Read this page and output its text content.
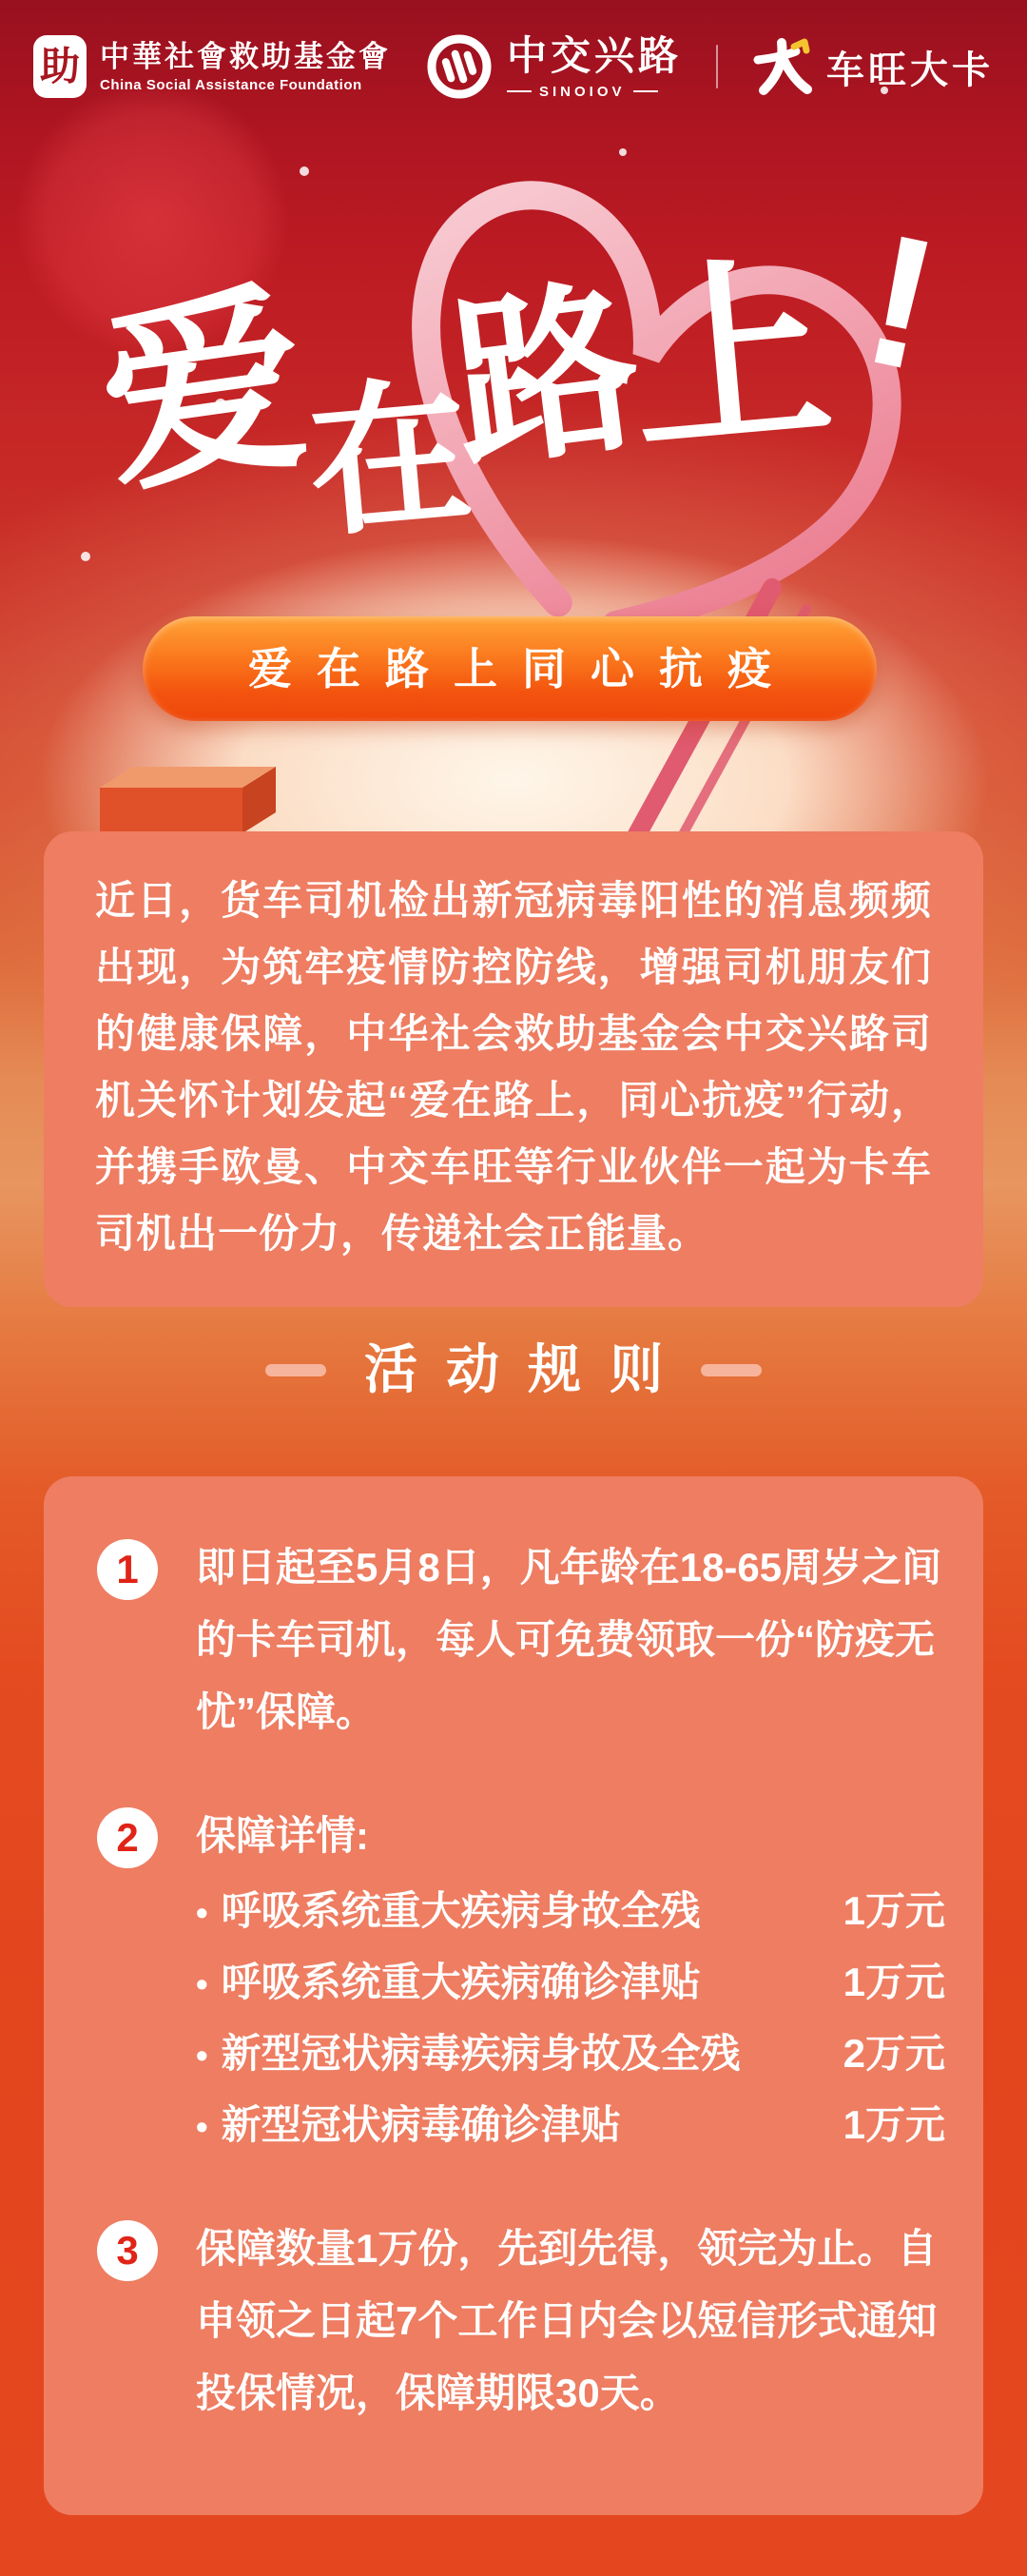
助 中華社會救助基金會
China Social Assistance Foundation
中交兴路
SINOIOV
车旺大卡
爱
在
路
上 !
爱在路上同心抗疫

近日，货车司机检出新冠病毒阳性的消息频频出现，为筑牢疫情防控防线，增强司机朋友们的健康保障，中华社会救助基金会中交兴路司机关怀计划发起“爱在路上，同心抗疫”行动，并携手欧曼、中交车旺等行业伙伴一起为卡车司机出一份力，传递社会正能量。

活动规则
1	即日起至5月8日，凡年龄在18-65周岁之间的卡车司机，每人可免费领取一份“防疫无忧”保障。
2	保障详情:
• 呼吸系统重大疾病身故全残	1万元
• 呼吸系统重大疾病确诊津贴	1万元
• 新型冠状病毒疾病身故及全残	2万元
• 新型冠状病毒确诊津贴	1万元
3	保障数量1万份，先到先得，领完为止。自申领之日起7个工作日内会以短信形式通知投保情况，保障期限30天。
